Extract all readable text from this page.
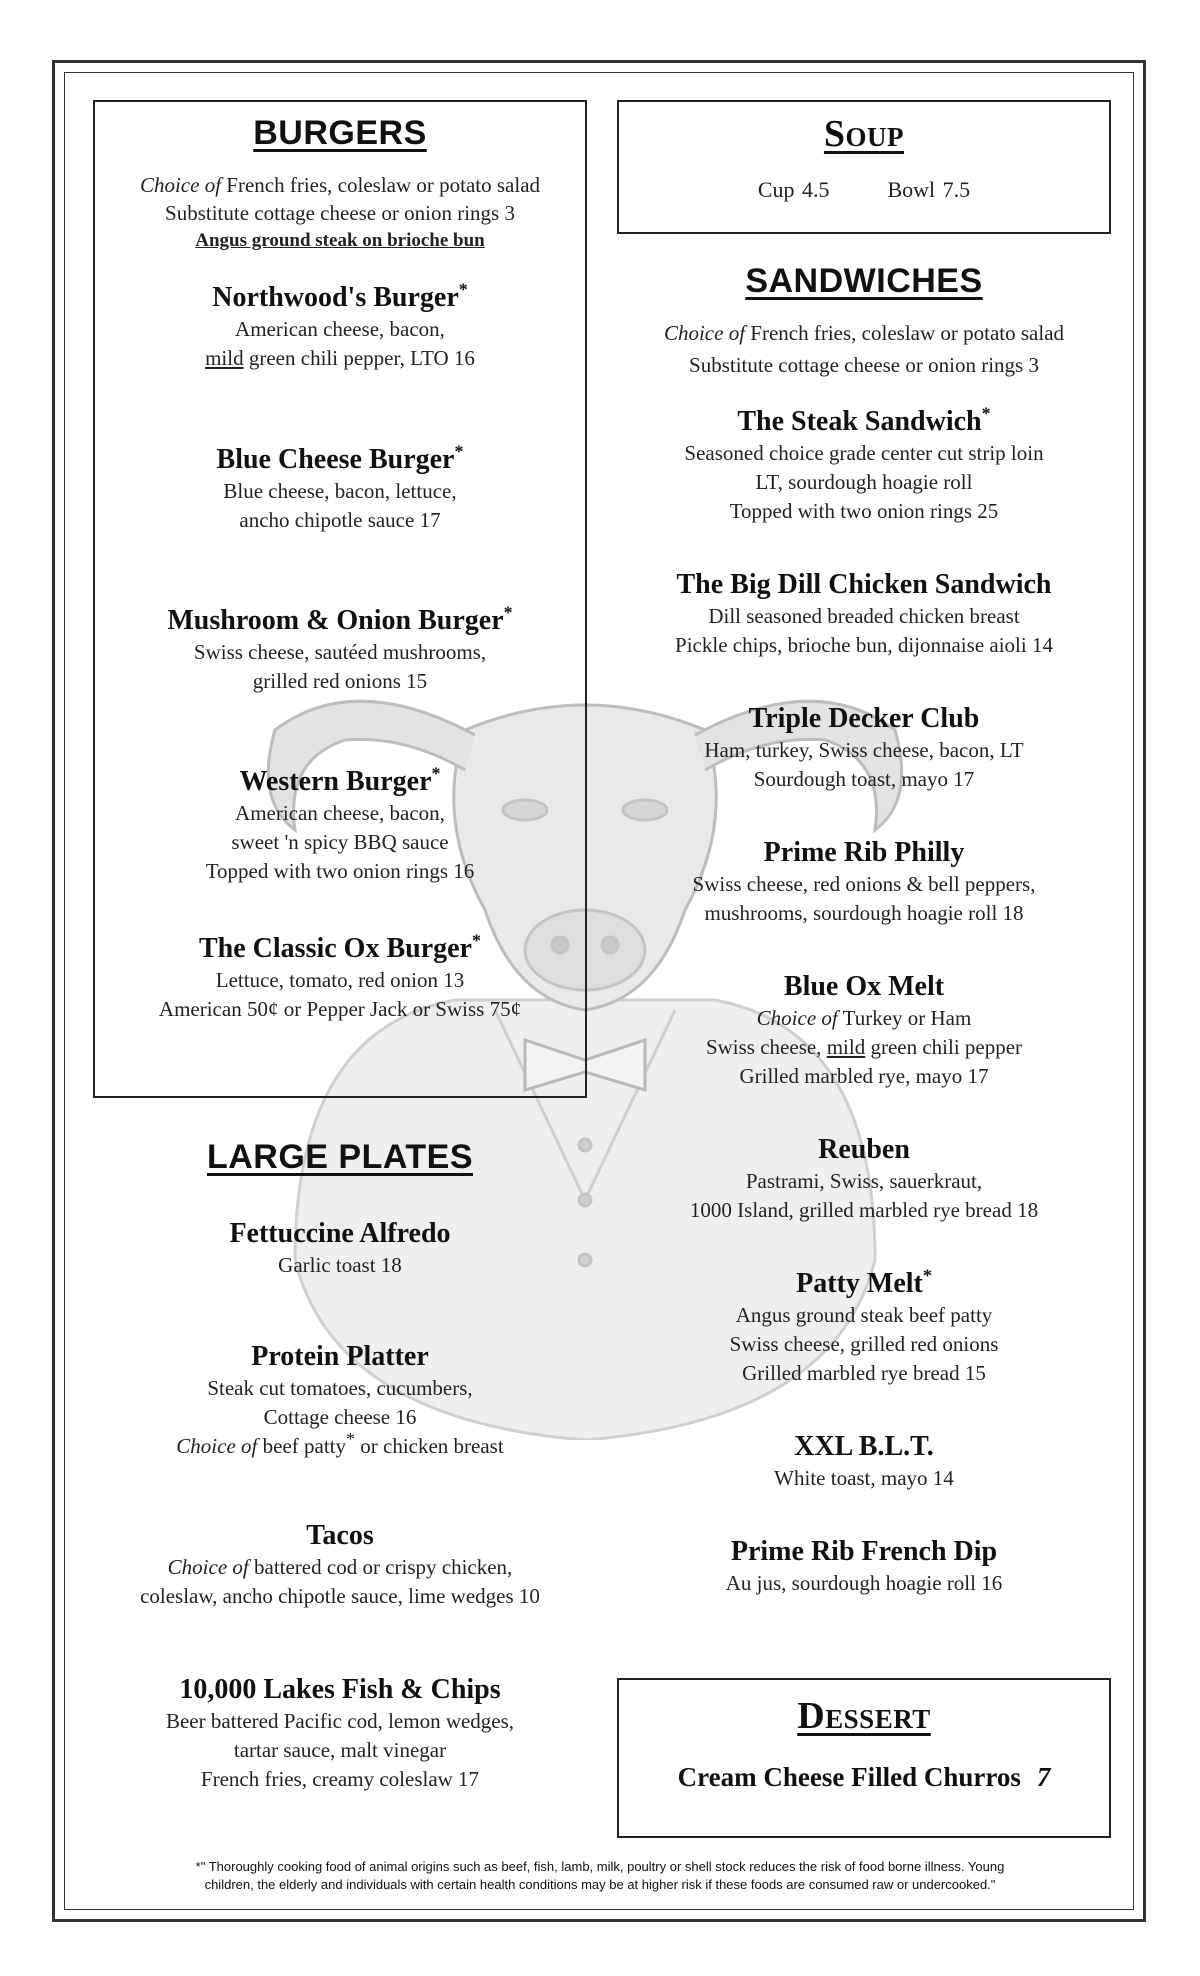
BURGERS
Choice of French fries, coleslaw or potato salad
Substitute cottage cheese or onion rings 3
Angus ground steak on brioche bun
Northwood's Burger*
American cheese, bacon,
mild green chili pepper, LTO 16
Blue Cheese Burger*
Blue cheese, bacon, lettuce,
ancho chipotle sauce 17
Mushroom & Onion Burger*
Swiss cheese, sautéed mushrooms,
grilled red onions 15
Western Burger*
American cheese, bacon,
sweet 'n spicy BBQ sauce
Topped with two onion rings 16
The Classic Ox Burger*
Lettuce, tomato, red onion 13
American 50¢ or Pepper Jack or Swiss 75¢
Soup
Cup 4.5	Bowl 7.5
SANDWICHES
Choice of French fries, coleslaw or potato salad
Substitute cottage cheese or onion rings 3
The Steak Sandwich*
Seasoned choice grade center cut strip loin
LT, sourdough hoagie roll
Topped with two onion rings 25
The Big Dill Chicken Sandwich
Dill seasoned breaded chicken breast
Pickle chips, brioche bun, dijonnaise aioli 14
Triple Decker Club
Ham, turkey, Swiss cheese, bacon, LT
Sourdough toast, mayo 17
Prime Rib Philly
Swiss cheese, red onions & bell peppers,
mushrooms, sourdough hoagie roll 18
Blue Ox Melt
Choice of Turkey or Ham
Swiss cheese, mild green chili pepper
Grilled marbled rye, mayo 17
Reuben
Pastrami, Swiss, sauerkraut,
1000 Island, grilled marbled rye bread 18
Patty Melt*
Angus ground steak beef patty
Swiss cheese, grilled red onions
Grilled marbled rye bread 15
XXL B.L.T.
White toast, mayo 14
Prime Rib French Dip
Au jus, sourdough hoagie roll 16
LARGE PLATES
Fettuccine Alfredo
Garlic toast 18
Protein Platter
Steak cut tomatoes, cucumbers,
Cottage cheese 16
Choice of beef patty* or chicken breast
Tacos
Choice of battered cod or crispy chicken,
coleslaw, ancho chipotle sauce, lime wedges 10
10,000 Lakes Fish & Chips
Beer battered Pacific cod, lemon wedges,
tartar sauce, malt vinegar
French fries, creamy coleslaw 17
Dessert
Cream Cheese Filled Churros 7
*" Thoroughly cooking food of animal origins such as beef, fish, lamb, milk, poultry or shell stock reduces the risk of food borne illness. Young
children, the elderly and individuals with certain health conditions may be at higher risk if these foods are consumed raw or undercooked."
